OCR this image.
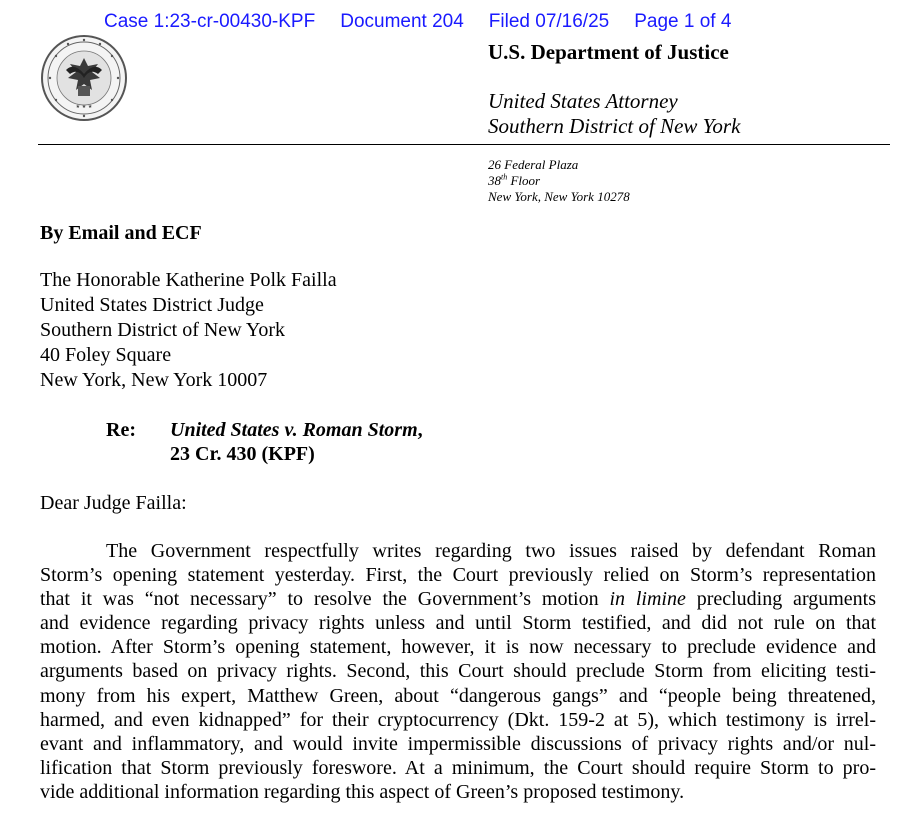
Case 1:23-cr-00430-KPF Document 204 Filed 07/16/25 Page 1 of 4
★ ★ ★
U.S. Department of Justice
United States Attorney
Southern District of New York
26 Federal Plaza
38th Floor
New York, New York 10278
By Email and ECF
The Honorable Katherine Polk Failla
United States District Judge
Southern District of New York
40 Foley Square
New York, New York 10007
Re: United States v. Roman Storm,
23 Cr. 430 (KPF)
Dear Judge Failla:
The Government respectfully writes regarding two issues raised by defendant Roman
Storm’s opening statement yesterday. First, the Court previously relied on Storm’s representation
that it was “not necessary” to resolve the Government’s motion in limine precluding arguments
and evidence regarding privacy rights unless and until Storm testified, and did not rule on that
motion. After Storm’s opening statement, however, it is now necessary to preclude evidence and
arguments based on privacy rights. Second, this Court should preclude Storm from eliciting testi-
mony from his expert, Matthew Green, about “dangerous gangs” and “people being threatened,
harmed, and even kidnapped” for their cryptocurrency (Dkt. 159-2 at 5), which testimony is irrel-
evant and inflammatory, and would invite impermissible discussions of privacy rights and/or nul-
lification that Storm previously foreswore. At a minimum, the Court should require Storm to pro-
vide additional information regarding this aspect of Green’s proposed testimony.
